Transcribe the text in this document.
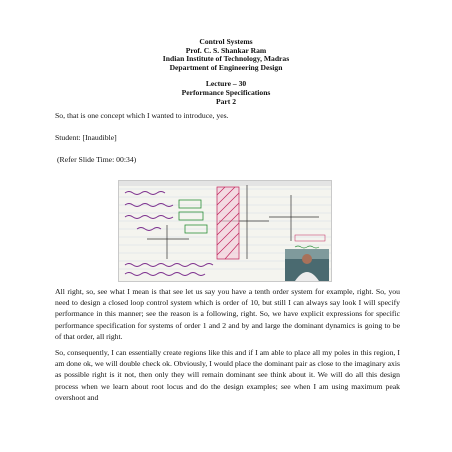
Control Systems
Prof. C. S. Shankar Ram
Indian Institute of Technology, Madras
Department of Engineering Design
Lecture – 30
Performance Specifications
Part 2
So, that is one concept which I wanted to introduce, yes.
Student: [Inaudible]
(Refer Slide Time: 00:34)
All right, so, see what I mean is that see let us say you have a tenth order system for example, right. So, you need to design a closed loop control system which is order of 10, but still I can always say look I will specify performance in this manner; see the reason is a following, right. So, we have explicit expressions for specific performance specification for systems of order 1 and 2 and by and large the dominant dynamics is going to be of that order, all right.
So, consequently, I can essentially create regions like this and if I am able to place all my poles in this region, I am done ok, we will double check ok. Obviously, I would place the dominant pair as close to the imaginary axis as possible right is it not, then only they will remain dominant see think about it. We will do all this design process when we learn about root locus and do the design examples; see when I am using maximum peak overshoot and
